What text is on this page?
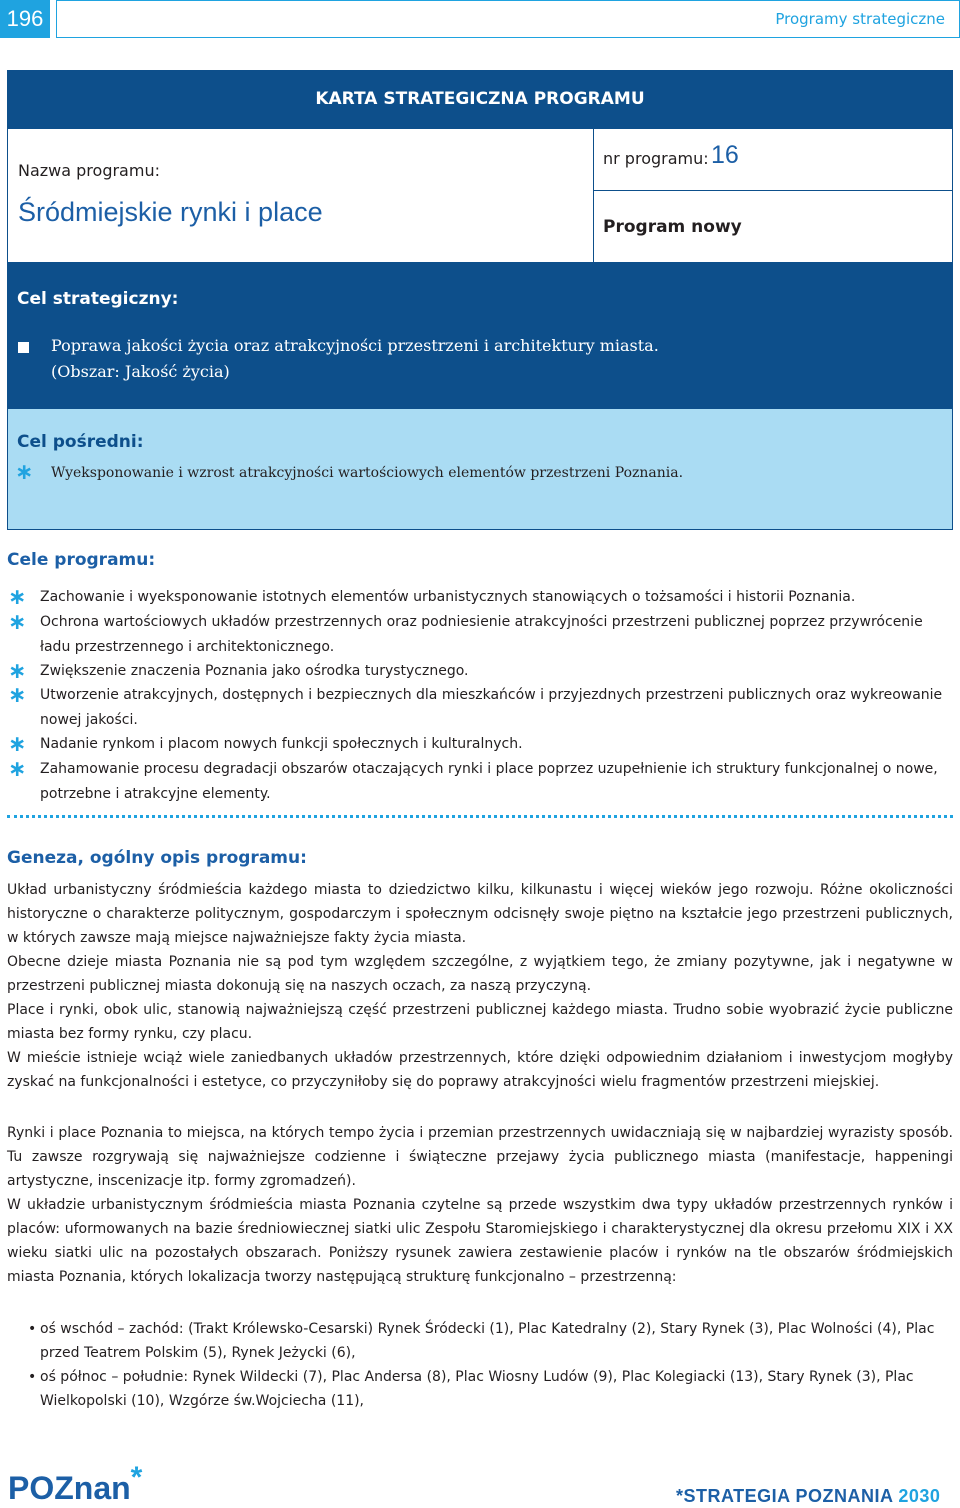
196	Programy strategiczne
KARTA STRATEGICZNA PROGRAMU
Nazwa programu:
Śródmiejskie rynki i place
nr programu: 16
Program nowy
Cel strategiczny:
Poprawa jakości życia oraz atrakcyjności przestrzeni i architektury miasta.
(Obszar: Jakość życia)
Cel pośredni:
∗ Wyeksponowanie i wzrost atrakcyjności wartościowych elementów przestrzeni Poznania.
Cele programu:
∗ Zachowanie i wyeksponowanie istotnych elementów urbanistycznych stanowiących o tożsamości i historii Poznania.
∗ Ochrona wartościowych układów przestrzennych oraz podniesienie atrakcyjności przestrzeni publicznej poprzez przywrócenie ładu przestrzennego i architektonicznego.
∗ Zwiększenie znaczenia Poznania jako ośrodka turystycznego.
∗ Utworzenie atrakcyjnych, dostępnych i bezpiecznych dla mieszkańców i przyjezdnych przestrzeni publicznych oraz wykreowanie nowej jakości.
∗ Nadanie rynkom i placom nowych funkcji społecznych i kulturalnych.
∗ Zahamowanie procesu degradacji obszarów otaczających rynki i place poprzez uzupełnienie ich struktury funkcjonalnej o nowe, potrzebne i atrakcyjne elementy.
Geneza, ogólny opis programu:
Układ urbanistyczny śródmieścia każdego miasta to dziedzictwo kilku, kilkunastu i więcej wieków jego rozwoju. Różne okoliczności historyczne o charakterze politycznym, gospodarczym i społecznym odcisnęły swoje piętno na kształcie jego przestrzeni publicznych, w których zawsze mają miejsce najważniejsze fakty życia miasta.
Obecne dzieje miasta Poznania nie są pod tym względem szczególne, z wyjątkiem tego, że zmiany pozytywne, jak i negatywne w przestrzeni publicznej miasta dokonują się na naszych oczach, za naszą przyczyną.
Place i rynki, obok ulic, stanowią najważniejszą część przestrzeni publicznej każdego miasta. Trudno sobie wyobrazić życie publiczne miasta bez formy rynku, czy placu.
W mieście istnieje wciąż wiele zaniedbanych układów przestrzennych, które dzięki odpowiednim działaniom i inwestycjom mogłyby zyskać na funkcjonalności i estetyce, co przyczyniłoby się do poprawy atrakcyjności wielu fragmentów przestrzeni miejskiej.
Rynki i place Poznania to miejsca, na których tempo życia i przemian przestrzennych uwidaczniają się w najbardziej wyrazisty sposób. Tu zawsze rozgrywają się najważniejsze codzienne i świąteczne przejawy życia publicznego miasta (manifestacje, happeningi artystyczne, inscenizacje itp. formy zgromadzeń).
W układzie urbanistycznym śródmieścia miasta Poznania czytelne są przede wszystkim dwa typy układów przestrzennych rynków i placów: uformowanych na bazie średniowiecznej siatki ulic Zespołu Staromiejskiego i charakterystycznej dla okresu przełomu XIX i XX wieku siatki ulic na pozostałych obszarach. Poniższy rysunek zawiera zestawienie placów i rynków na tle obszarów śródmiejskich miasta Poznania, których lokalizacja tworzy następującą strukturę funkcjonalno – przestrzenną:
• oś wschód – zachód: (Trakt Królewsko-Cesarski) Rynek Śródecki (1), Plac Katedralny (2), Stary Rynek (3), Plac Wolności (4), Plac przed Teatrem Polskim (5), Rynek Jeżycki (6),
• oś północ – południe: Rynek Wildecki (7), Plac Andersa (8), Plac Wiosny Ludów (9), Plac Kolegiacki (13), Stary Rynek (3), Plac Wielkopolski (10), Wzgórze św.Wojciecha (11),
POZnan*
*STRATEGIA POZNANIA 2030
